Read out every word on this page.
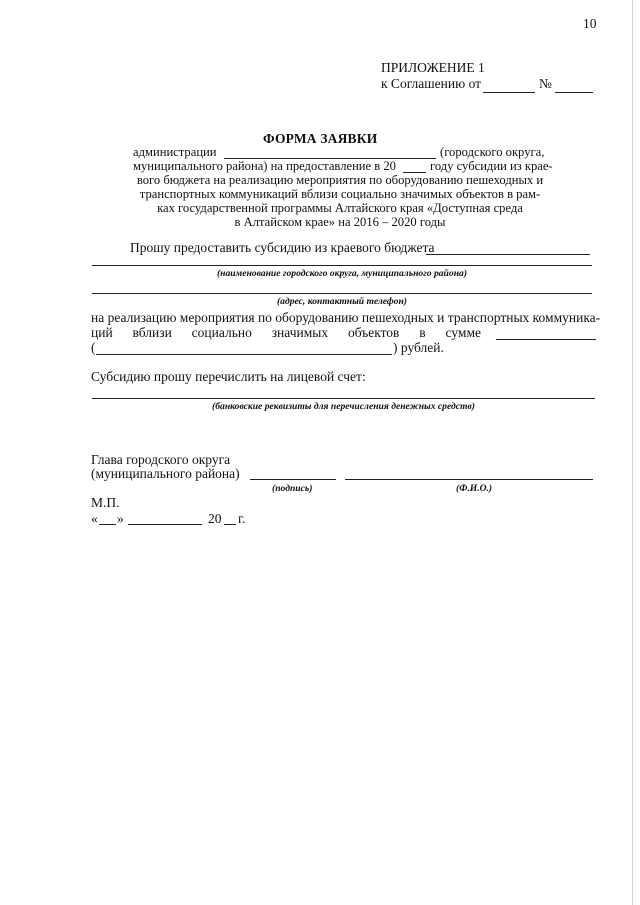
10
ПРИЛОЖЕНИЕ 1
к Соглашению от	№
ФОРМА ЗАЯВКИ
администрации	(городского округа,
муниципального района) на предоставление в 20	году субсидии из крае-
вого бюджета на реализацию мероприятия по оборудованию пешеходных и
транспортных коммуникаций вблизи социально значимых объектов в рам-
ках государственной программы Алтайского края «Доступная среда
в Алтайском крае» на 2016 – 2020 годы
Прошу предоставить субсидию из краевого бюджета
(наименование городского округа, муниципального района)
(адрес, контактный телефон)
на реализацию мероприятия по оборудованию пешеходных и транспортных коммуника-
ций вблизи социально значимых объектов в сумме
(	) рублей.
Субсидию прошу перечислить на лицевой счет:
(банковские реквизиты для перечисления денежных средств)
Глава городского округа
(муниципального района)
(подпись)	(Ф.И.О.)
М.П.
« »	20 г.
